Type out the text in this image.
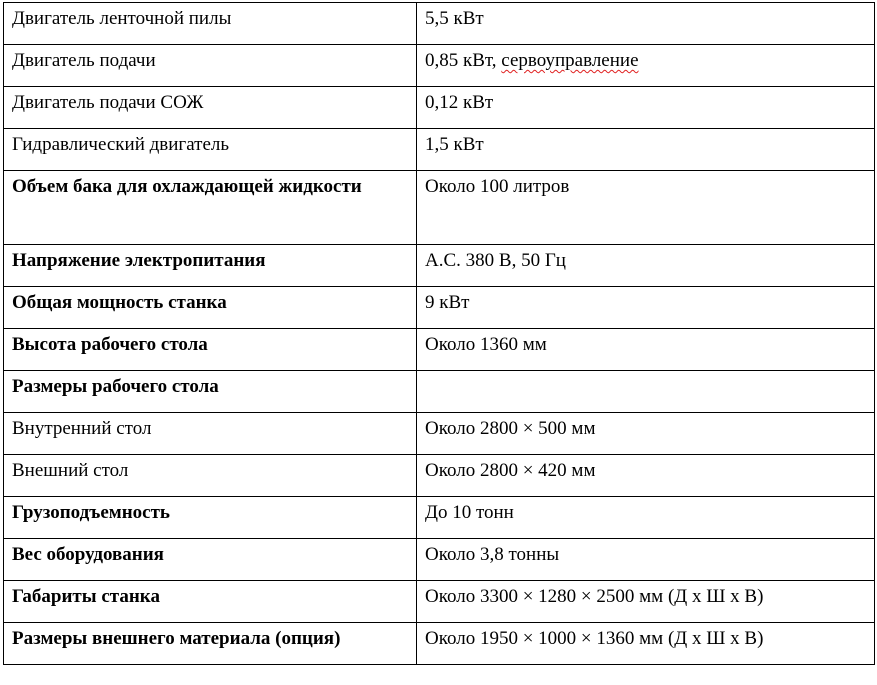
Двигатель ленточной пилы	5,5 кВт
Двигатель подачи	0,85 кВт, сервоуправление
Двигатель подачи СОЖ	0,12 кВт
Гидравлический двигатель	1,5 кВт
Объем бака для охлаждающей жидкости	Около 100 литров
Напряжение электропитания	A.C. 380 В, 50 Гц
Общая мощность станка	9 кВт
Высота рабочего стола	Около 1360 мм
Размеры рабочего стола	
Внутренний стол	Около 2800 × 500 мм
Внешний стол	Около 2800 × 420 мм
Грузоподъемность	До 10 тонн
Вес оборудования	Около 3,8 тонны
Габариты станка	Около 3300 × 1280 × 2500 мм (Д х Ш х В)
Размеры внешнего материала (опция)	Около 1950 × 1000 × 1360 мм (Д х Ш х В)
